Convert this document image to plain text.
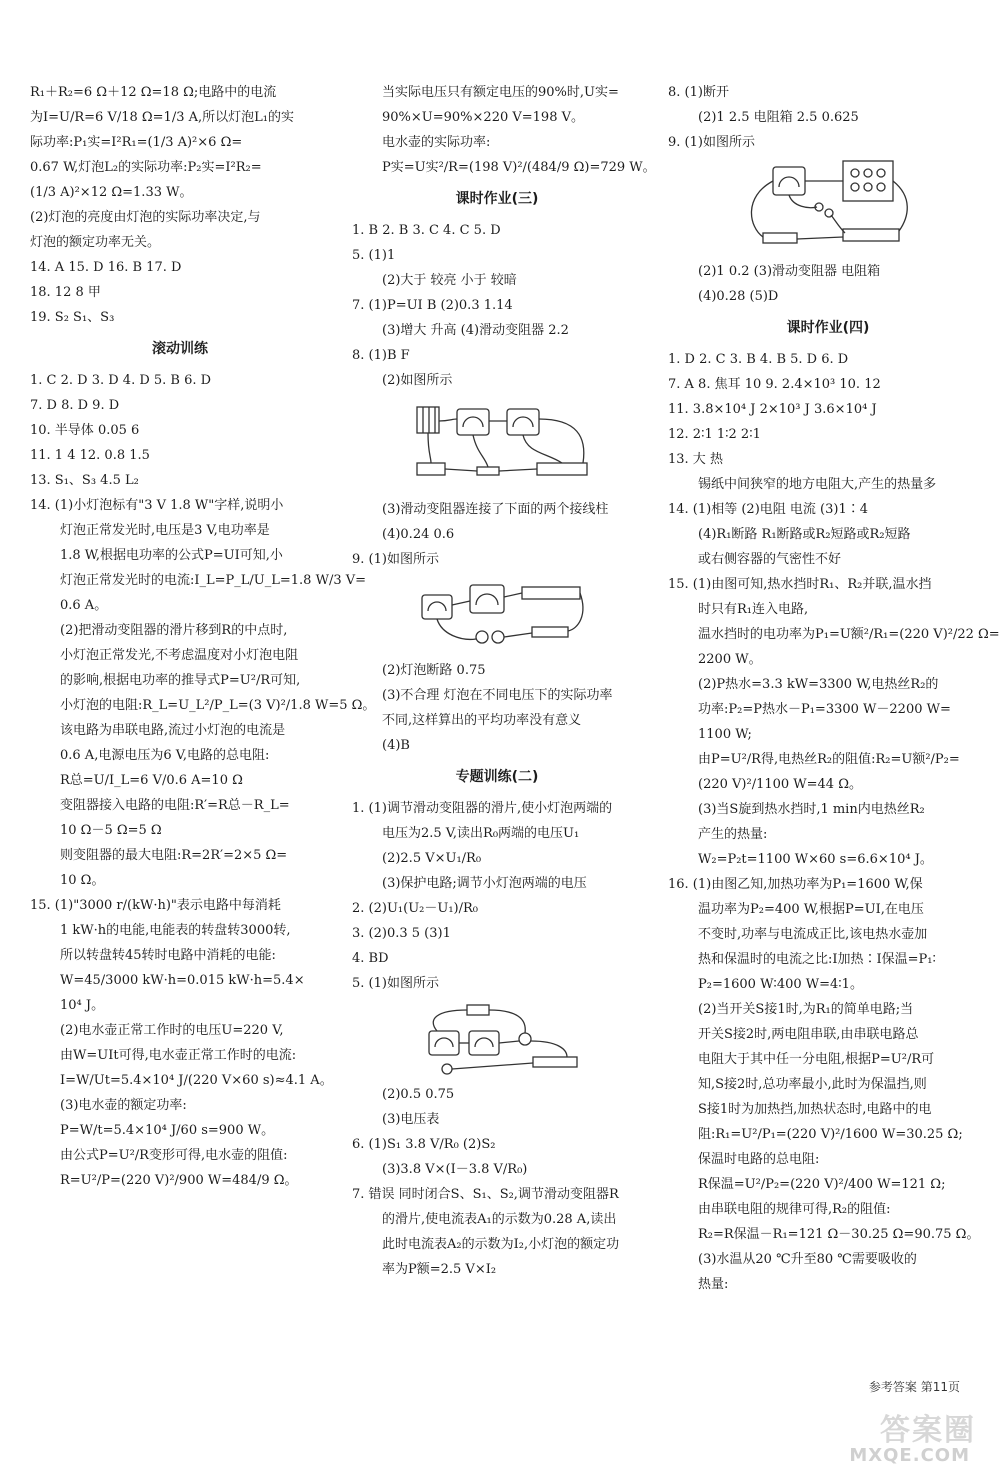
R₁＋R₂=6 Ω＋12 Ω=18 Ω;电路中的电流
为I=U/R=6 V/18 Ω=1/3 A,所以灯泡L₁的实
际功率:P₁实=I²R₁=(1/3 A)²×6 Ω=
0.67 W,灯泡L₂的实际功率:P₂实=I²R₂=
(1/3 A)²×12 Ω=1.33 W。
(2)灯泡的亮度由灯泡的实际功率决定,与
灯泡的额定功率无关。
14. A 15. D 16. B 17. D
18. 12 8 甲
19. S₂ S₁、S₃
滚动训练
1. C 2. D 3. D 4. D 5. B 6. D
7. D 8. D 9. D
10. 半导体 0.05 6
11. 1 4 12. 0.8 1.5
13. S₁、S₃ 4.5 L₂
14. (1)小灯泡标有"3 V 1.8 W"字样,说明小
灯泡正常发光时,电压是3 V,电功率是
1.8 W,根据电功率的公式P=UI可知,小
灯泡正常发光时的电流:I_L=P_L/U_L=1.8 W/3 V=
0.6 A。
(2)把滑动变阻器的滑片移到R的中点时,
小灯泡正常发光,不考虑温度对小灯泡电阻
的影响,根据电功率的推导式P=U²/R可知,
小灯泡的电阻:R_L=U_L²/P_L=(3 V)²/1.8 W=5 Ω。
该电路为串联电路,流过小灯泡的电流是
0.6 A,电源电压为6 V,电路的总电阻:
R总=U/I_L=6 V/0.6 A=10 Ω
变阻器接入电路的电阻:R′=R总－R_L=
10 Ω－5 Ω=5 Ω
则变阻器的最大电阻:R=2R′=2×5 Ω=
10 Ω。
15. (1)"3000 r/(kW·h)"表示电路中每消耗
1 kW·h的电能,电能表的转盘转3000转,
所以转盘转45转时电路中消耗的电能:
W=45/3000 kW·h=0.015 kW·h=5.4×
10⁴ J。
(2)电水壶正常工作时的电压U=220 V,
由W=UIt可得,电水壶正常工作时的电流:
I=W/Ut=5.4×10⁴ J/(220 V×60 s)≈4.1 A。
(3)电水壶的额定功率:
P=W/t=5.4×10⁴ J/60 s=900 W。
由公式P=U²/R变形可得,电水壶的阻值:
R=U²/P=(220 V)²/900 W=484/9 Ω。
当实际电压只有额定电压的90%时,U实=
90%×U=90%×220 V=198 V。
电水壶的实际功率:
P实=U实²/R=(198 V)²/(484/9 Ω)=729 W。
课时作业(三)
1. B 2. B 3. C 4. C 5. D
5. (1)1
(2)大于 较亮 小于 较暗
7. (1)P=UI B (2)0.3 1.14
(3)增大 升高 (4)滑动变阻器 2.2
8. (1)B F
(2)如图所示
(3)滑动变阻器连接了下面的两个接线柱
(4)0.24 0.6
9. (1)如图所示
(2)灯泡断路 0.75
(3)不合理 灯泡在不同电压下的实际功率
不同,这样算出的平均功率没有意义
(4)B
专题训练(二)
1. (1)调节滑动变阻器的滑片,使小灯泡两端的
电压为2.5 V,读出R₀两端的电压U₁
(2)2.5 V×U₁/R₀
(3)保护电路;调节小灯泡两端的电压
2. (2)U₁(U₂－U₁)/R₀
3. (2)0.3 5 (3)1
4. BD
5. (1)如图所示
(2)0.5 0.75
(3)电压表
6. (1)S₁ 3.8 V/R₀ (2)S₂
(3)3.8 V×(I－3.8 V/R₀)
7. 错误 同时闭合S、S₁、S₂,调节滑动变阻器R
的滑片,使电流表A₁的示数为0.28 A,读出
此时电流表A₂的示数为I₂,小灯泡的额定功
率为P额=2.5 V×I₂
8. (1)断开
(2)1 2.5 电阻箱 2.5 0.625
9. (1)如图所示
(2)1 0.2 (3)滑动变阻器 电阻箱
(4)0.28 (5)D
课时作业(四)
1. D 2. C 3. B 4. B 5. D 6. D
7. A 8. 焦耳 10 9. 2.4×10³ 10. 12
11. 3.8×10⁴ J 2×10³ J 3.6×10⁴ J
12. 2∶1 1∶2 2∶1
13. 大 热
锡纸中间狭窄的地方电阻大,产生的热量多
14. (1)相等 (2)电阻 电流 (3)1∶4
(4)R₁断路 R₁断路或R₂短路或R₂短路
或右侧容器的气密性不好
15. (1)由图可知,热水挡时R₁、R₂并联,温水挡
时只有R₁连入电路,
温水挡时的电功率为P₁=U额²/R₁=(220 V)²/22 Ω=
2200 W。
(2)P热水=3.3 kW=3300 W,电热丝R₂的
功率:P₂=P热水－P₁=3300 W－2200 W=
1100 W;
由P=U²/R得,电热丝R₂的阻值:R₂=U额²/P₂=
(220 V)²/1100 W=44 Ω。
(3)当S旋到热水挡时,1 min内电热丝R₂
产生的热量:
W₂=P₂t=1100 W×60 s=6.6×10⁴ J。
16. (1)由图乙知,加热功率为P₁=1600 W,保
温功率为P₂=400 W,根据P=UI,在电压
不变时,功率与电流成正比,该电热水壶加
热和保温时的电流之比:I加热∶I保温=P₁∶
P₂=1600 W∶400 W=4∶1。
(2)当开关S接1时,为R₁的简单电路;当
开关S接2时,两电阻串联,由串联电路总
电阻大于其中任一分电阻,根据P=U²/R可
知,S接2时,总功率最小,此时为保温挡,则
S接1时为加热挡,加热状态时,电路中的电
阻:R₁=U²/P₁=(220 V)²/1600 W=30.25 Ω;
保温时电路的总电阻:
R保温=U²/P₂=(220 V)²/400 W=121 Ω;
由串联电阻的规律可得,R₂的阻值:
R₂=R保温－R₁=121 Ω－30.25 Ω=90.75 Ω。
(3)水温从20 ℃升至80 ℃需要吸收的
热量:
参考答案 第11页
答案圈
MXQE.COM
